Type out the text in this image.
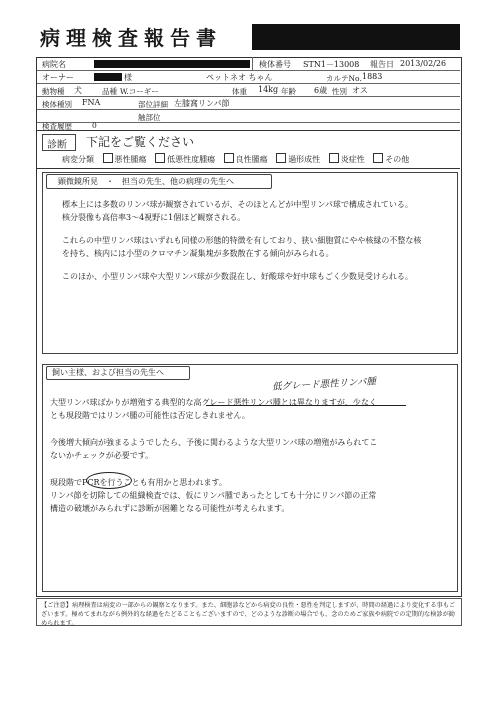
病理検査報告書
病院名	検体番号 STN1－13008 報告日 2013/02/26
オーナー	様	ペット ネオ ちゃん	カルテNo. 1883
動物種 犬	品種 W.コーギー	体重 14kg 年齢 6歳 性別 オス
検体種別 FNA	部位詳細 左膝窩リンパ節
触部位
検査履歴	0
診断 下記をご覧ください
病変分類	悪性腫瘍	低悪性度腫瘍	良性腫瘍	過形成性	炎症性	その他
顕微鏡所見　・　担当の先生、他の病理の先生へ
標本上には多数のリンパ球が観察されているが、そのほとんどが中型リンパ球で構成されている。
核分裂像も高倍率3～4視野に1個ほど観察される。
これらの中型リンパ球はいずれも同様の形態的特徴を有しており、狭い細胞質にやや核縁の不整な核
を持ち、核内には小型のクロマチン凝集塊が多数散在する傾向がみられる。
このほか、小型リンパ球や大型リンパ球が少数混在し、好酸球や好中球もごく少数見受けられる。
飼い主様、および担当の先生へ
低グレード悪性リンパ腫
大型リンパ球ばかりが増殖する典型的な高グレード悪性リンパ腫とは異なりますが、少なく
とも現段階ではリンパ腫の可能性は否定しきれません。
今後増大傾向が強まるようでしたら、予後に関わるような大型リンパ球の増殖がみられてこ
ないかチェックが必要です。
現段階でPCRを行うことも有用かと思われます。
リンパ節を切除しての組織検査では、仮にリンパ腫であったとしても十分にリンパ節の正常
構造の破壊がみられずに診断が困難となる可能性が考えられます。
【ご注意】病理検査は病変の一部からの観察となります。また、細胞診などから病変の良性・悪性を判定しますが、時間の経過により変化する事もございます。極めてまれながら例外的な経過をたどることもございますので、どのような診断の場合でも、念のためご家族や病院での定期的な検診が勧められます。
